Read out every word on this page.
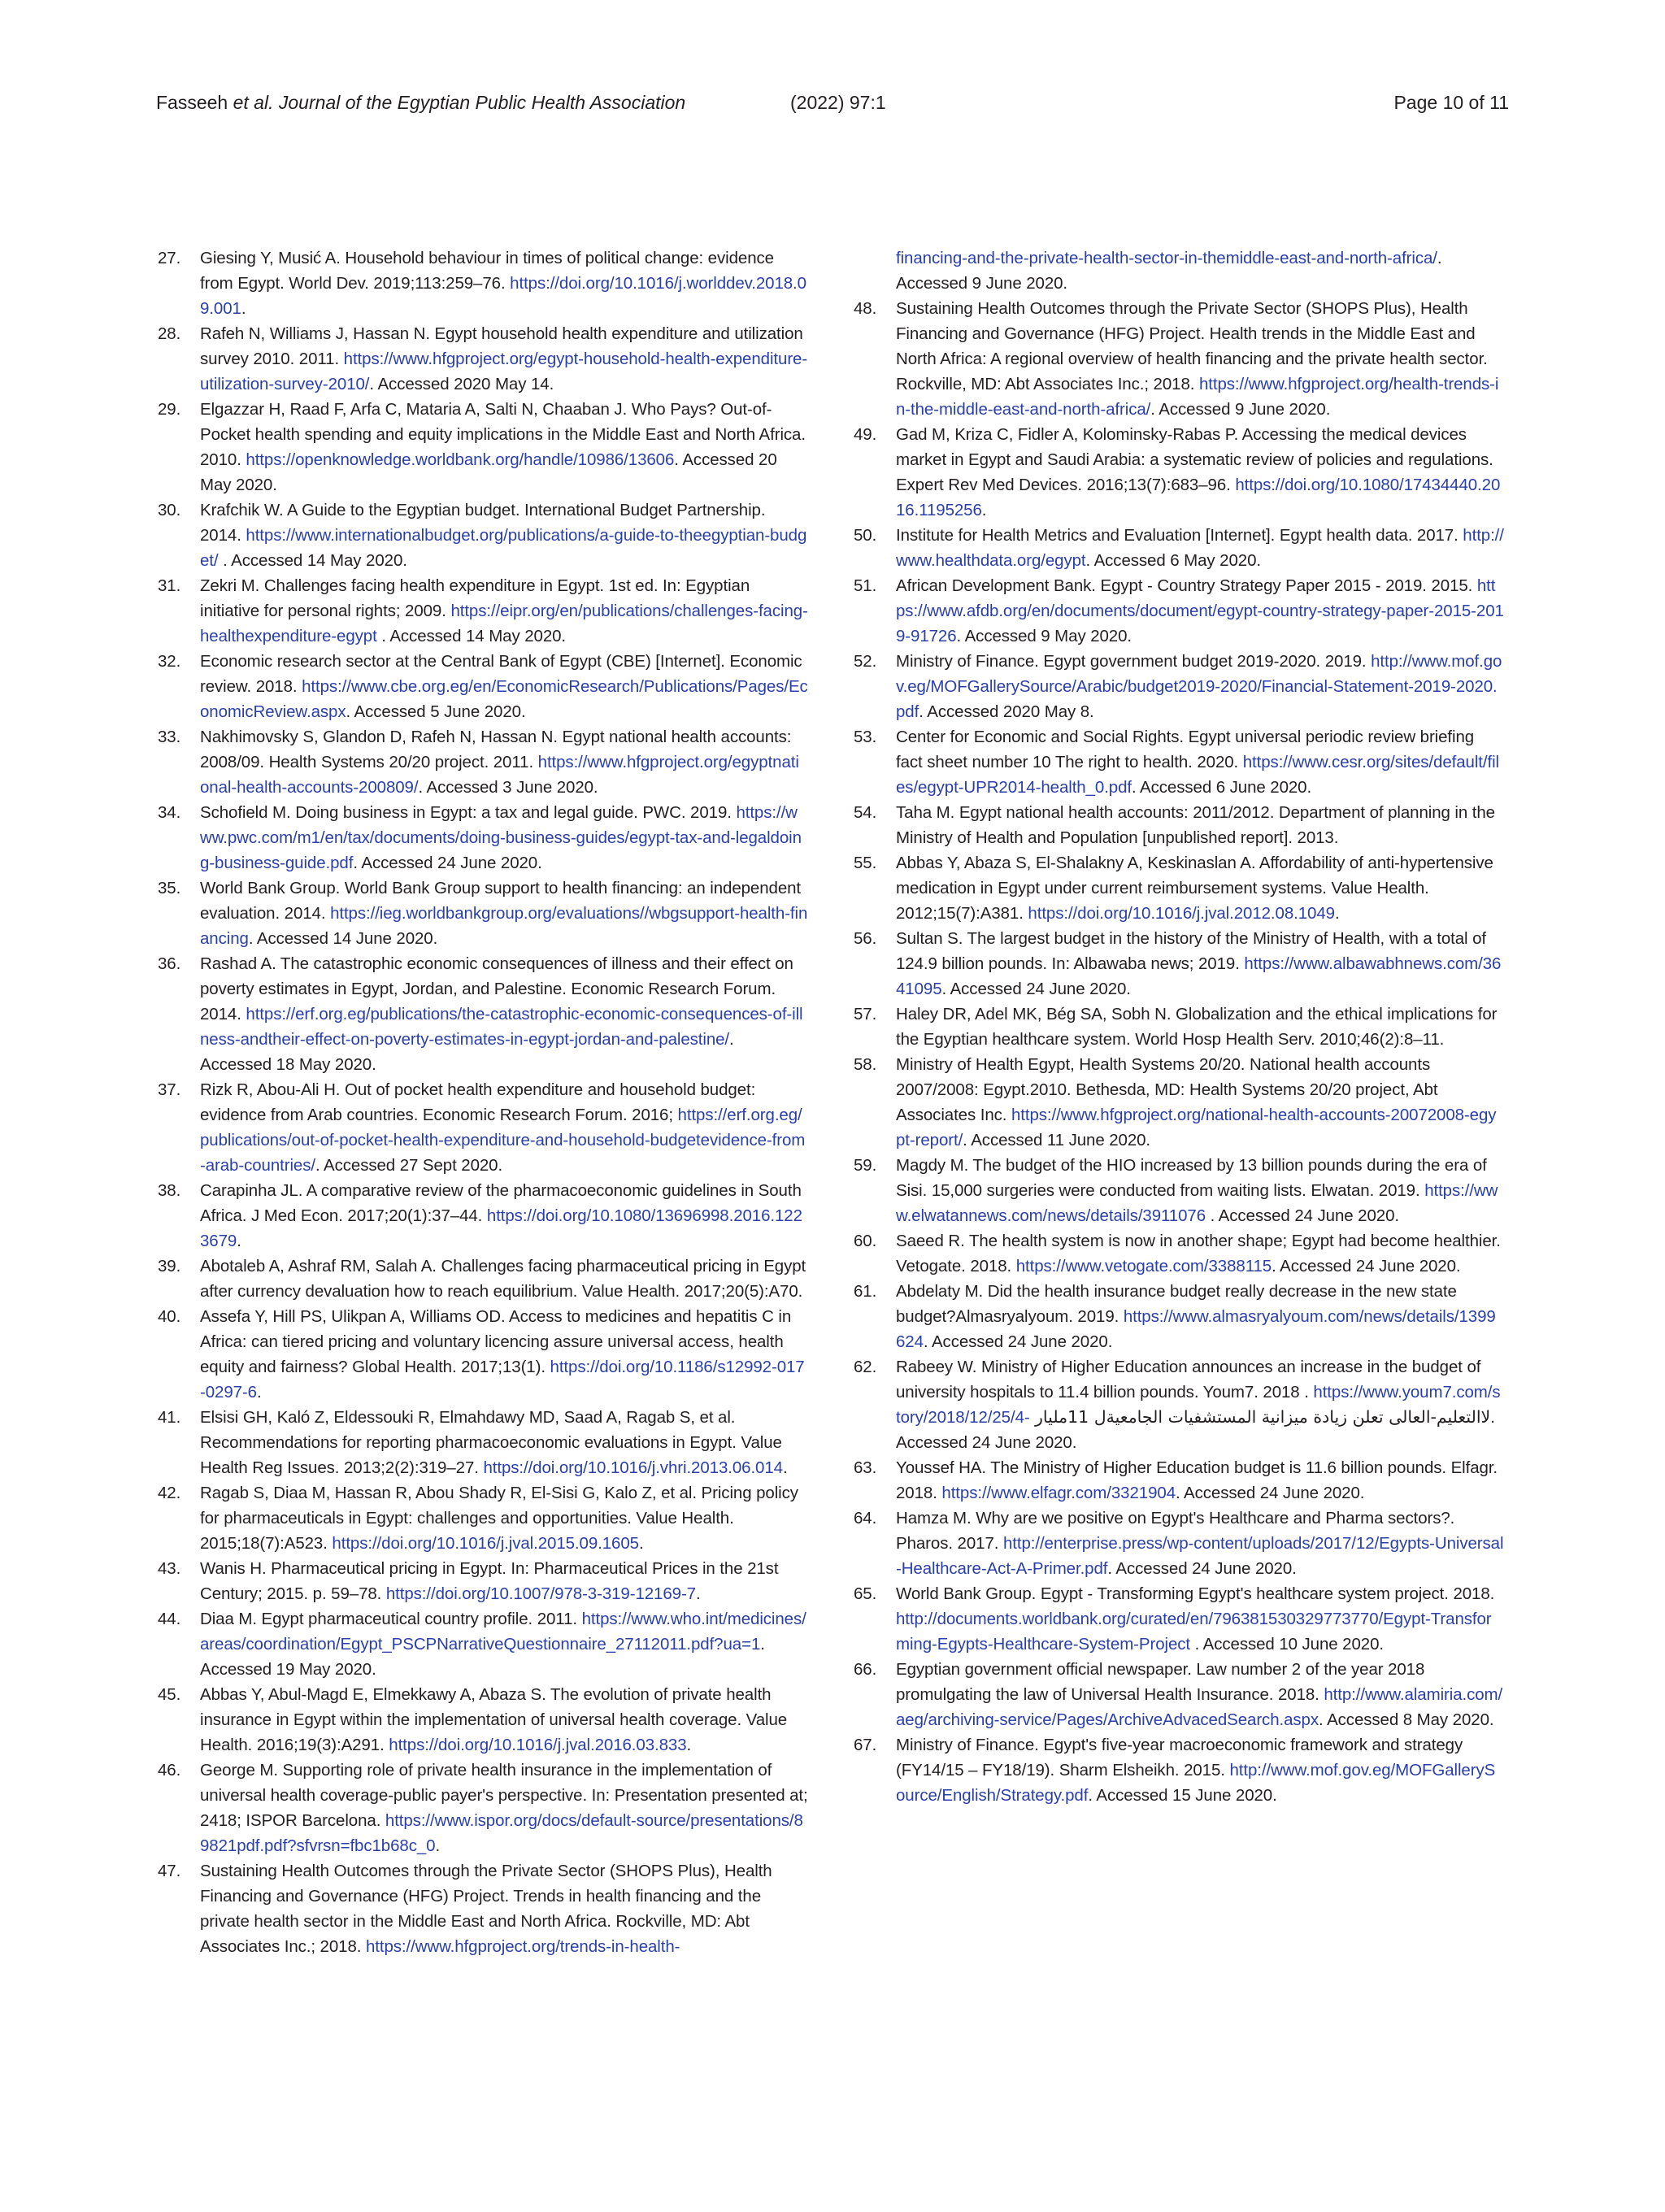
Fasseeh et al. Journal of the Egyptian Public Health Association	(2022) 97:1	Page 10 of 11
27.	Giesing Y, Musić A. Household behaviour in times of political change: evidence from Egypt. World Dev. 2019;113:259–76. https://doi.org/10.1016/j.worlddev.2018.09.001.
28.	Rafeh N, Williams J, Hassan N. Egypt household health expenditure and utilization survey 2010. 2011. https://www.hfgproject.org/egypt-household-health-expenditure-utilization-survey-2010/. Accessed 2020 May 14.
29.	Elgazzar H, Raad F, Arfa C, Mataria A, Salti N, Chaaban J. Who Pays? Out-of-Pocket health spending and equity implications in the Middle East and North Africa. 2010. https://openknowledge.worldbank.org/handle/10986/13606. Accessed 20 May 2020.
30.	Krafchik W. A Guide to the Egyptian budget. International Budget Partnership. 2014. https://www.internationalbudget.org/publications/a-guide-to-theegyptian-budget/ . Accessed 14 May 2020.
31.	Zekri M. Challenges facing health expenditure in Egypt. 1st ed. In: Egyptian initiative for personal rights; 2009. https://eipr.org/en/publications/challenges-facing-healthexpenditure-egypt . Accessed 14 May 2020.
32.	Economic research sector at the Central Bank of Egypt (CBE) [Internet]. Economic review. 2018. https://www.cbe.org.eg/en/EconomicResearch/Publications/Pages/EconomicReview.aspx. Accessed 5 June 2020.
33.	Nakhimovsky S, Glandon D, Rafeh N, Hassan N. Egypt national health accounts: 2008/09. Health Systems 20/20 project. 2011. https://www.hfgproject.org/egyptnational-health-accounts-200809/. Accessed 3 June 2020.
34.	Schofield M. Doing business in Egypt: a tax and legal guide. PWC. 2019. https://www.pwc.com/m1/en/tax/documents/doing-business-guides/egypt-tax-and-legaldoing-business-guide.pdf. Accessed 24 June 2020.
35.	World Bank Group. World Bank Group support to health financing: an independent evaluation. 2014. https://ieg.worldbankgroup.org/evaluations//wbgsupport-health-financing. Accessed 14 June 2020.
36.	Rashad A. The catastrophic economic consequences of illness and their effect on poverty estimates in Egypt, Jordan, and Palestine. Economic Research Forum. 2014. https://erf.org.eg/publications/the-catastrophic-economic-consequences-of-illness-andtheir-effect-on-poverty-estimates-in-egypt-jordan-and-palestine/. Accessed 18 May 2020.
37.	Rizk R, Abou-Ali H. Out of pocket health expenditure and household budget: evidence from Arab countries. Economic Research Forum. 2016; https://erf.org.eg/publications/out-of-pocket-health-expenditure-and-household-budgetevidence-from-arab-countries/. Accessed 27 Sept 2020.
38.	Carapinha JL. A comparative review of the pharmacoeconomic guidelines in South Africa. J Med Econ. 2017;20(1):37–44. https://doi.org/10.1080/13696998.2016.1223679.
39.	Abotaleb A, Ashraf RM, Salah A. Challenges facing pharmaceutical pricing in Egypt after currency devaluation how to reach equilibrium. Value Health. 2017;20(5):A70.
40.	Assefa Y, Hill PS, Ulikpan A, Williams OD. Access to medicines and hepatitis C in Africa: can tiered pricing and voluntary licencing assure universal access, health equity and fairness? Global Health. 2017;13(1). https://doi.org/10.1186/s12992-017-0297-6.
41.	Elsisi GH, Kaló Z, Eldessouki R, Elmahdawy MD, Saad A, Ragab S, et al. Recommendations for reporting pharmacoeconomic evaluations in Egypt. Value Health Reg Issues. 2013;2(2):319–27. https://doi.org/10.1016/j.vhri.2013.06.014.
42.	Ragab S, Diaa M, Hassan R, Abou Shady R, El-Sisi G, Kalo Z, et al. Pricing policy for pharmaceuticals in Egypt: challenges and opportunities. Value Health. 2015;18(7):A523. https://doi.org/10.1016/j.jval.2015.09.1605.
43.	Wanis H. Pharmaceutical pricing in Egypt. In: Pharmaceutical Prices in the 21st Century; 2015. p. 59–78. https://doi.org/10.1007/978-3-319-12169-7.
44.	Diaa M. Egypt pharmaceutical country profile. 2011. https://www.who.int/medicines/areas/coordination/Egypt_PSCPNarrativeQuestionnaire_27112011.pdf?ua=1. Accessed 19 May 2020.
45.	Abbas Y, Abul-Magd E, Elmekkawy A, Abaza S. The evolution of private health insurance in Egypt within the implementation of universal health coverage. Value Health. 2016;19(3):A291. https://doi.org/10.1016/j.jval.2016.03.833.
46.	George M. Supporting role of private health insurance in the implementation of universal health coverage-public payer's perspective. In: Presentation presented at; 2418; ISPOR Barcelona. https://www.ispor.org/docs/default-source/presentations/89821pdf.pdf?sfvrsn=fbc1b68c_0.
47.	Sustaining Health Outcomes through the Private Sector (SHOPS Plus), Health Financing and Governance (HFG) Project. Trends in health financing and the private health sector in the Middle East and North Africa. Rockville, MD: Abt Associates Inc.; 2018. https://www.hfgproject.org/trends-in-health-
financing-and-the-private-health-sector-in-themiddle-east-and-north-africa/. Accessed 9 June 2020.
48.	Sustaining Health Outcomes through the Private Sector (SHOPS Plus), Health Financing and Governance (HFG) Project. Health trends in the Middle East and North Africa: A regional overview of health financing and the private health sector. Rockville, MD: Abt Associates Inc.; 2018. https://www.hfgproject.org/health-trends-in-the-middle-east-and-north-africa/. Accessed 9 June 2020.
49.	Gad M, Kriza C, Fidler A, Kolominsky-Rabas P. Accessing the medical devices market in Egypt and Saudi Arabia: a systematic review of policies and regulations. Expert Rev Med Devices. 2016;13(7):683–96. https://doi.org/10.1080/17434440.2016.1195256.
50.	Institute for Health Metrics and Evaluation [Internet]. Egypt health data. 2017. http://www.healthdata.org/egypt. Accessed 6 May 2020.
51.	African Development Bank. Egypt - Country Strategy Paper 2015 - 2019. 2015. https://www.afdb.org/en/documents/document/egypt-country-strategy-paper-2015-2019-91726. Accessed 9 May 2020.
52.	Ministry of Finance. Egypt government budget 2019-2020. 2019. http://www.mof.gov.eg/MOFGallerySource/Arabic/budget2019-2020/Financial-Statement-2019-2020.pdf. Accessed 2020 May 8.
53.	Center for Economic and Social Rights. Egypt universal periodic review briefing fact sheet number 10 The right to health. 2020. https://www.cesr.org/sites/default/files/egypt-UPR2014-health_0.pdf. Accessed 6 June 2020.
54.	Taha M. Egypt national health accounts: 2011/2012. Department of planning in the Ministry of Health and Population [unpublished report]. 2013.
55.	Abbas Y, Abaza S, El-Shalakny A, Keskinaslan A. Affordability of anti-hypertensive medication in Egypt under current reimbursement systems. Value Health. 2012;15(7):A381. https://doi.org/10.1016/j.jval.2012.08.1049.
56.	Sultan S. The largest budget in the history of the Ministry of Health, with a total of 124.9 billion pounds. In: Albawaba news; 2019. https://www.albawabhnews.com/3641095. Accessed 24 June 2020.
57.	Haley DR, Adel MK, Bég SA, Sobh N. Globalization and the ethical implications for the Egyptian healthcare system. World Hosp Health Serv. 2010;46(2):8–11.
58.	Ministry of Health Egypt, Health Systems 20/20. National health accounts 2007/2008: Egypt.2010. Bethesda, MD: Health Systems 20/20 project, Abt Associates Inc. https://www.hfgproject.org/national-health-accounts-20072008-egypt-report/. Accessed 11 June 2020.
59.	Magdy M. The budget of the HIO increased by 13 billion pounds during the era of Sisi. 15,000 surgeries were conducted from waiting lists. Elwatan. 2019. https://www.elwatannews.com/news/details/3911076 . Accessed 24 June 2020.
60.	Saeed R. The health system is now in another shape; Egypt had become healthier. Vetogate. 2018. https://www.vetogate.com/3388115. Accessed 24 June 2020.
61.	Abdelaty M. Did the health insurance budget really decrease in the new state budget?Almasryalyoum. 2019. https://www.almasryalyoum.com/news/details/1399624. Accessed 24 June 2020.
62.	Rabeey W. Ministry of Higher Education announces an increase in the budget of university hospitals to 11.4 billion pounds. Youm7. 2018 . https://www.youm7.com/story/2018/12/25/4- لاالتعليم-العالى تعلن زيادة ميزانية المستشفيات الجامعيةل 11مليار. Accessed 24 June 2020.
63.	Youssef HA. The Ministry of Higher Education budget is 11.6 billion pounds. Elfagr. 2018. https://www.elfagr.com/3321904. Accessed 24 June 2020.
64.	Hamza M. Why are we positive on Egypt's Healthcare and Pharma sectors?. Pharos. 2017. http://enterprise.press/wp-content/uploads/2017/12/Egypts-Universal-Healthcare-Act-A-Primer.pdf. Accessed 24 June 2020.
65.	World Bank Group. Egypt - Transforming Egypt's healthcare system project. 2018. http://documents.worldbank.org/curated/en/796381530329773770/Egypt-Transforming-Egypts-Healthcare-System-Project . Accessed 10 June 2020.
66.	Egyptian government official newspaper. Law number 2 of the year 2018 promulgating the law of Universal Health Insurance. 2018. http://www.alamiria.com/aeg/archiving-service/Pages/ArchiveAdvacedSearch.aspx. Accessed 8 May 2020.
67.	Ministry of Finance. Egypt's five-year macroeconomic framework and strategy (FY14/15 – FY18/19). Sharm Elsheikh. 2015. http://www.mof.gov.eg/MOFGallerySource/English/Strategy.pdf. Accessed 15 June 2020.
